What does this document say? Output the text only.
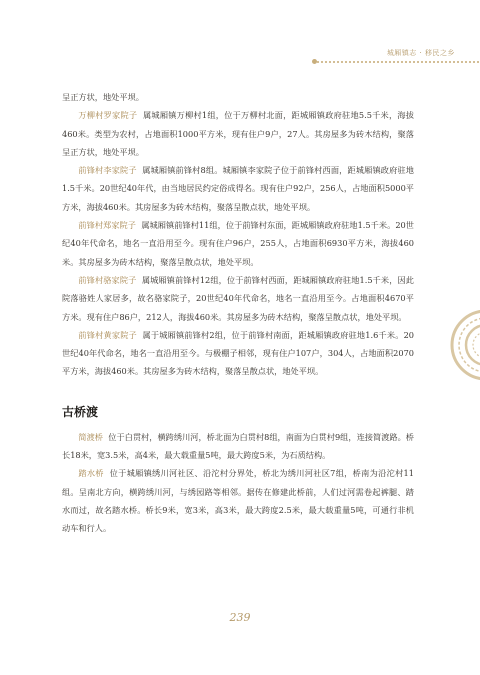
城厢镇志 · 移民之乡

呈正方状，地处平坝。

万柳村罗家院子 属城厢镇万柳村1组，位于万柳村北面，距城厢镇政府驻地5.5千米，海拔460米。类型为农村，占地面积1000平方米，现有住户9户，27人。其房屋多为砖木结构，聚落呈正方状，地处平坝。

前锋村李家院子 属城厢镇前锋村8组。城厢镇李家院子位于前锋村西面，距城厢镇政府驻地1.5千米。20世纪40年代，由当地居民约定俗成得名。现有住户92户，256人，占地面积5000平方米，海拔460米。其房屋多为砖木结构，聚落呈散点状，地处平坝。

前锋村郑家院子 属城厢镇前锋村11组，位于前锋村东面，距城厢镇政府驻地1.5千米。20世纪40年代命名，地名一直沿用至今。现有住户96户，255人，占地面积6930平方米，海拔460米。其房屋多为砖木结构，聚落呈散点状，地处平坝。

前锋村骆家院子 属城厢镇前锋村12组，位于前锋村西面，距城厢镇政府驻地1.5千米，因此院落骆姓人家居多，故名骆家院子，20世纪40年代命名，地名一直沿用至今。占地面积4670平方米。现有住户86户，212人，海拔460米。其房屋多为砖木结构，聚落呈散点状，地处平坝。

前锋村黄家院子 属于城厢镇前锋村2组，位于前锋村南面，距城厢镇政府驻地1.6千米。20世纪40年代命名，地名一直沿用至今。与极棚子相邻，现有住户107户，304人，占地面积2070平方米，海拔460米。其房屋多为砖木结构，聚落呈散点状，地处平坝。

古桥渡

简渡桥 位于白贯村，横跨绣川河，桥北面为白贯村8组，南面为白贯村9组，连接简渡路。桥长18米，宽3.5米，高4米，最大载重量5吨，最大跨度5米，为石质结构。

踏水桥 位于城厢镇绣川河社区、沿沱村分界处，桥北为绣川河社区7组，桥南为沿沱村11组。呈南北方向，横跨绣川河，与绣园路等相邻。据传在修建此桥前，人们过河需卷起裤腿、踏水而过，故名踏水桥。桥长9米，宽3米，高3米，最大跨度2.5米，最大载重量5吨，可通行非机动车和行人。

239
